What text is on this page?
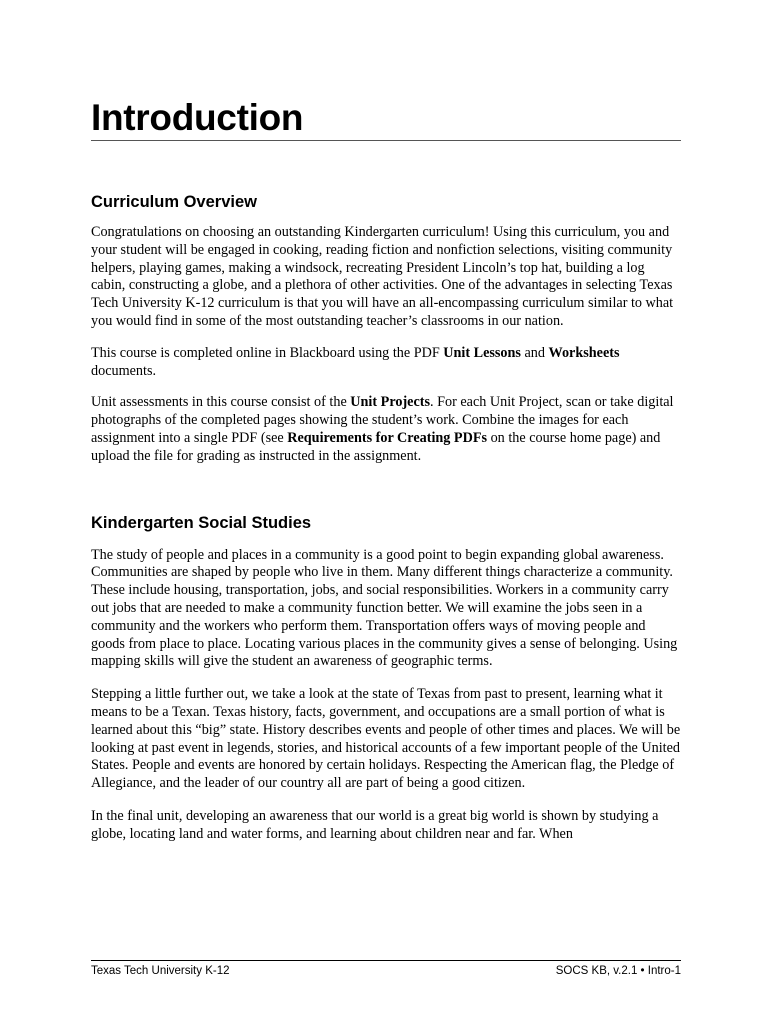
Introduction
Curriculum Overview

Congratulations on choosing an outstanding Kindergarten curriculum! Using this curriculum, you and your student will be engaged in cooking, reading fiction and nonfiction selections, visiting community helpers, playing games, making a windsock, recreating President Lincoln’s top hat, building a log cabin, constructing a globe, and a plethora of other activities. One of the advantages in selecting Texas Tech University K-12 curriculum is that you will have an all-encompassing curriculum similar to what you would find in some of the most outstanding teacher’s classrooms in our nation.

This course is completed online in Blackboard using the PDF Unit Lessons and Worksheets documents.

Unit assessments in this course consist of the Unit Projects. For each Unit Project, scan or take digital photographs of the completed pages showing the student’s work. Combine the images for each assignment into a single PDF (see Requirements for Creating PDFs on the course home page) and upload the file for grading as instructed in the assignment.

Kindergarten Social Studies

The study of people and places in a community is a good point to begin expanding global awareness. Communities are shaped by people who live in them. Many different things characterize a community. These include housing, transportation, jobs, and social responsibilities. Workers in a community carry out jobs that are needed to make a community function better. We will examine the jobs seen in a community and the workers who perform them. Transportation offers ways of moving people and goods from place to place. Locating various places in the community gives a sense of belonging. Using mapping skills will give the student an awareness of geographic terms.

Stepping a little further out, we take a look at the state of Texas from past to present, learning what it means to be a Texan. Texas history, facts, government, and occupations are a small portion of what is learned about this “big” state. History describes events and people of other times and places. We will be looking at past event in legends, stories, and historical accounts of a few important people of the United States. People and events are honored by certain holidays. Respecting the American flag, the Pledge of Allegiance, and the leader of our country all are part of being a good citizen.

In the final unit, developing an awareness that our world is a great big world is shown by studying a globe, locating land and water forms, and learning about children near and far. When

Texas Tech University K-12	SOCS KB, v.2.1 • Intro-1
